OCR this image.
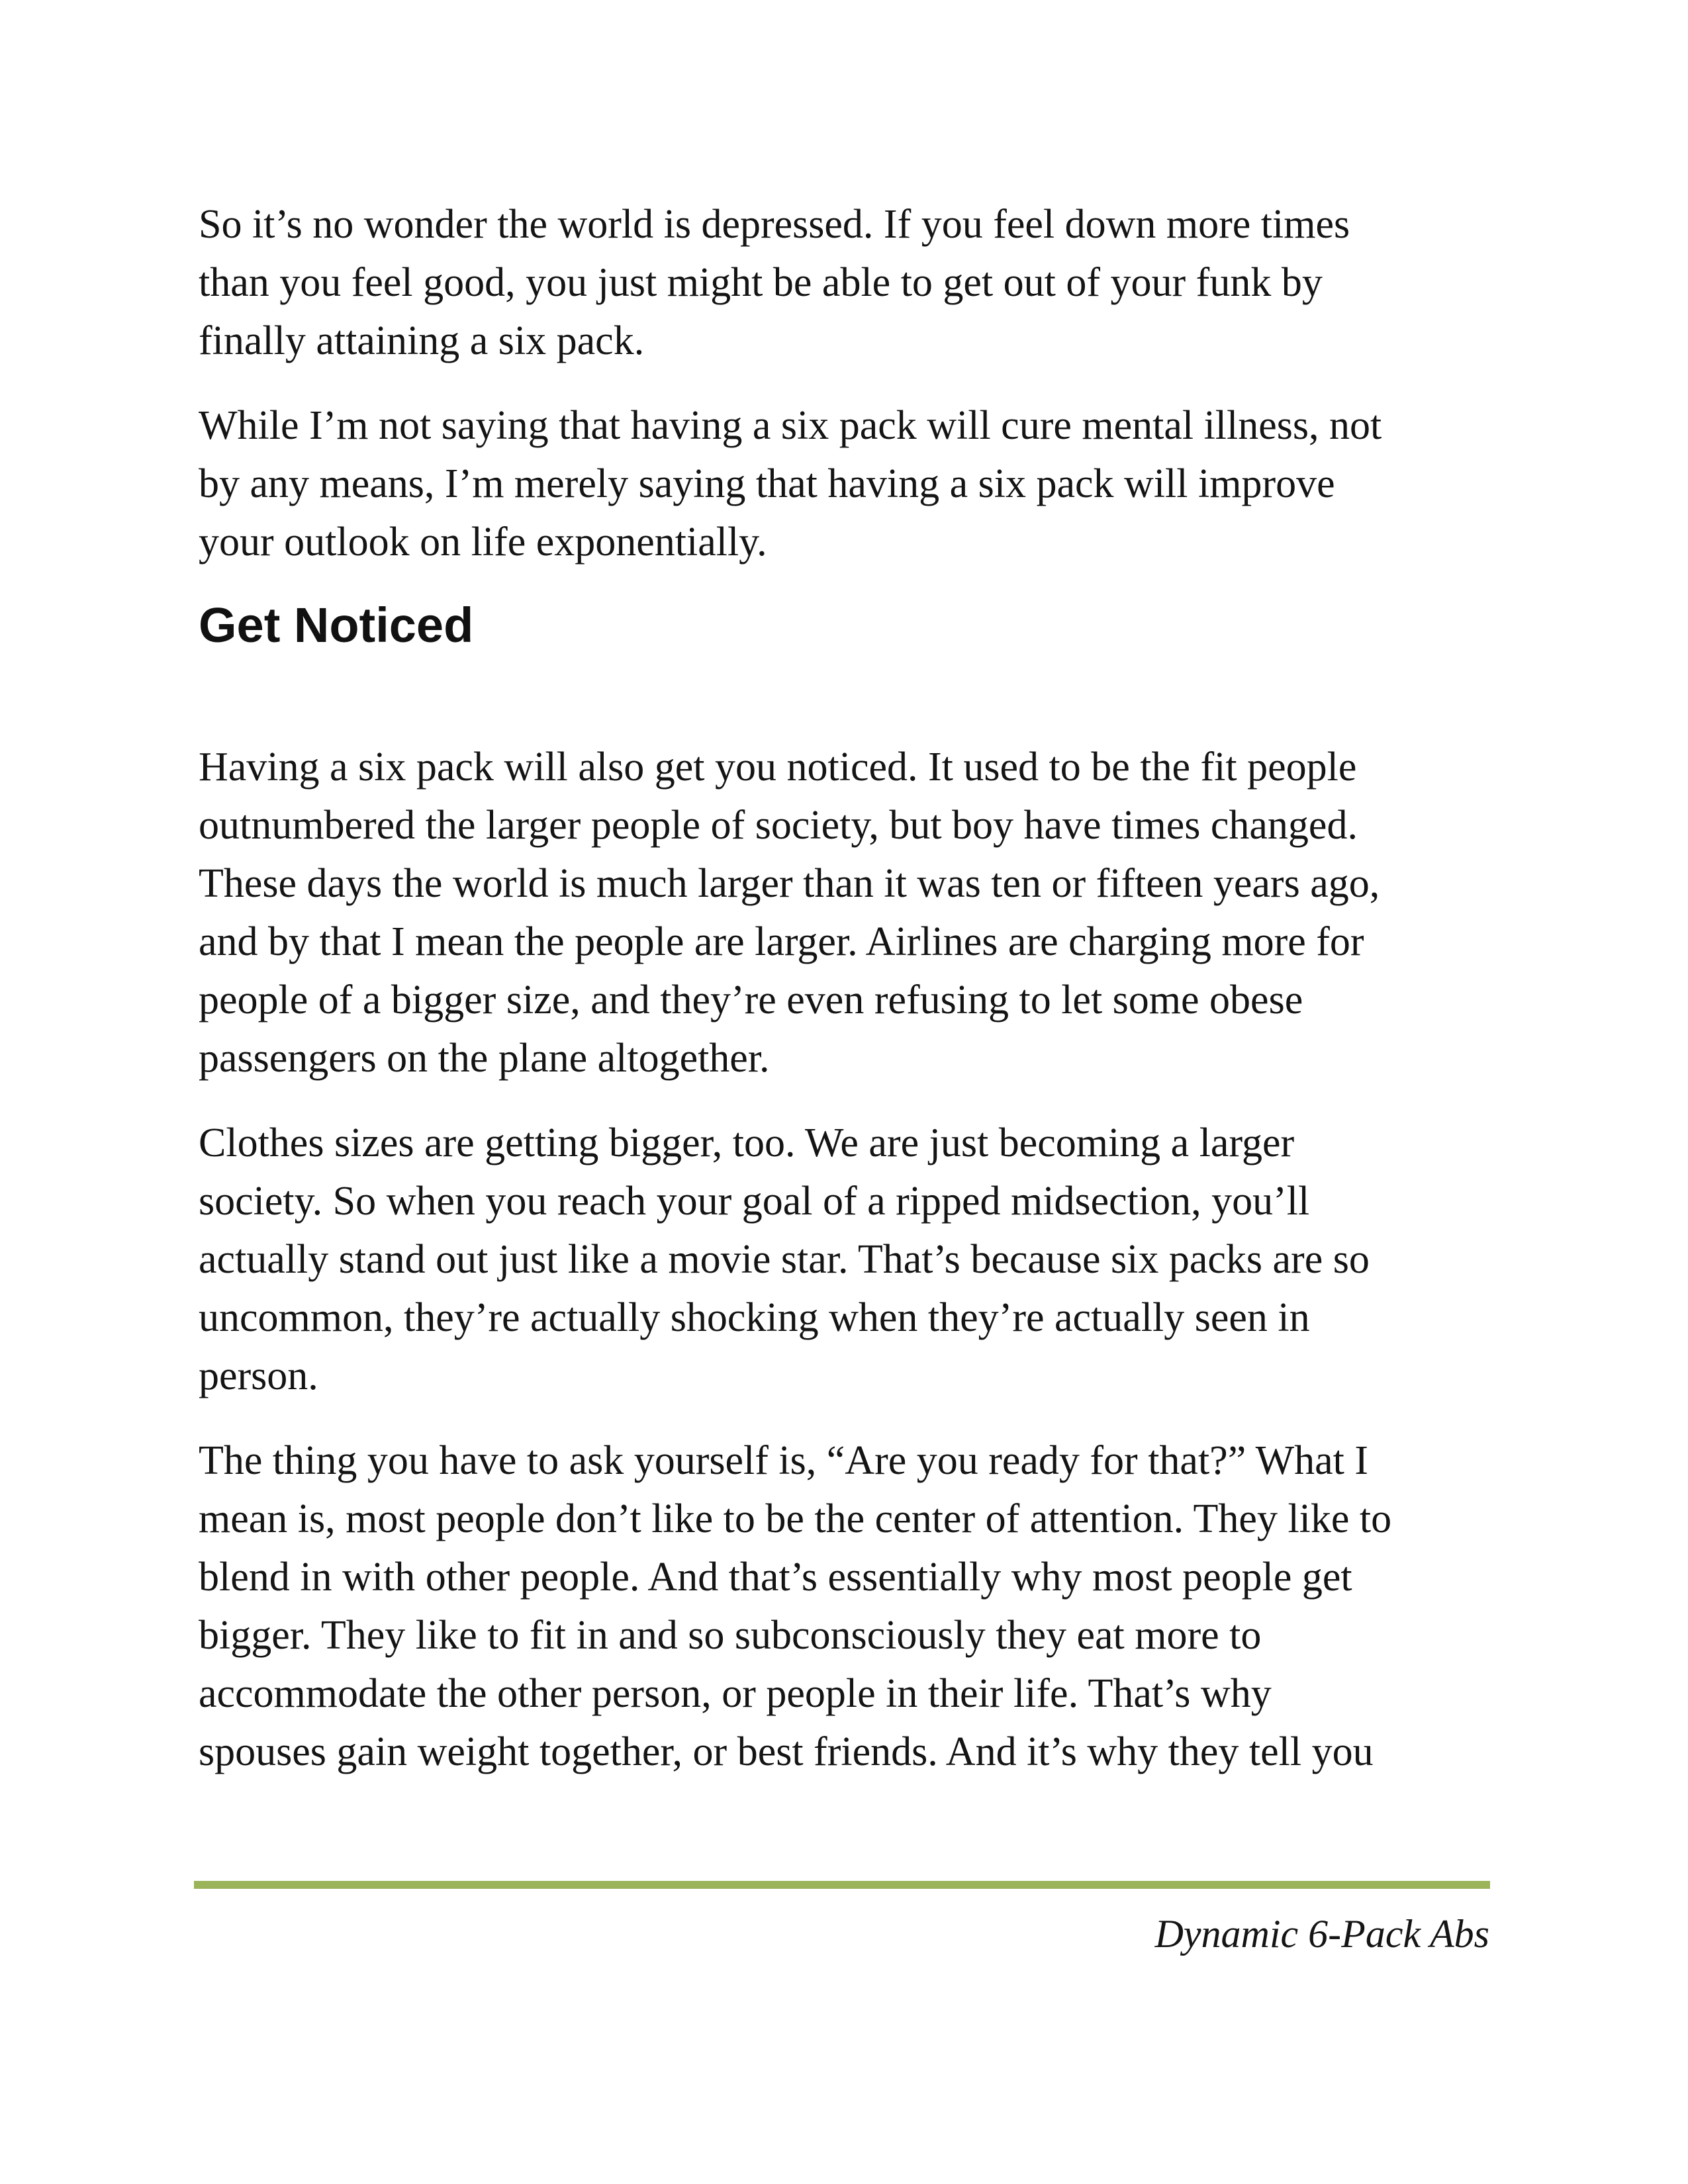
So it’s no wonder the world is depressed. If you feel down more times
than you feel good, you just might be able to get out of your funk by
finally attaining a six pack.

While I’m not saying that having a six pack will cure mental illness, not
by any means, I’m merely saying that having a six pack will improve
your outlook on life exponentially.

Get Noticed

Having a six pack will also get you noticed. It used to be the fit people
outnumbered the larger people of society, but boy have times changed.
These days the world is much larger than it was ten or fifteen years ago,
and by that I mean the people are larger. Airlines are charging more for
people of a bigger size, and they’re even refusing to let some obese
passengers on the plane altogether.

Clothes sizes are getting bigger, too. We are just becoming a larger
society. So when you reach your goal of a ripped midsection, you’ll
actually stand out just like a movie star. That’s because six packs are so
uncommon, they’re actually shocking when they’re actually seen in
person.

The thing you have to ask yourself is, “Are you ready for that?” What I
mean is, most people don’t like to be the center of attention. They like to
blend in with other people. And that’s essentially why most people get
bigger. They like to fit in and so subconsciously they eat more to
accommodate the other person, or people in their life. That’s why
spouses gain weight together, or best friends. And it’s why they tell you

Dynamic 6-Pack Abs
